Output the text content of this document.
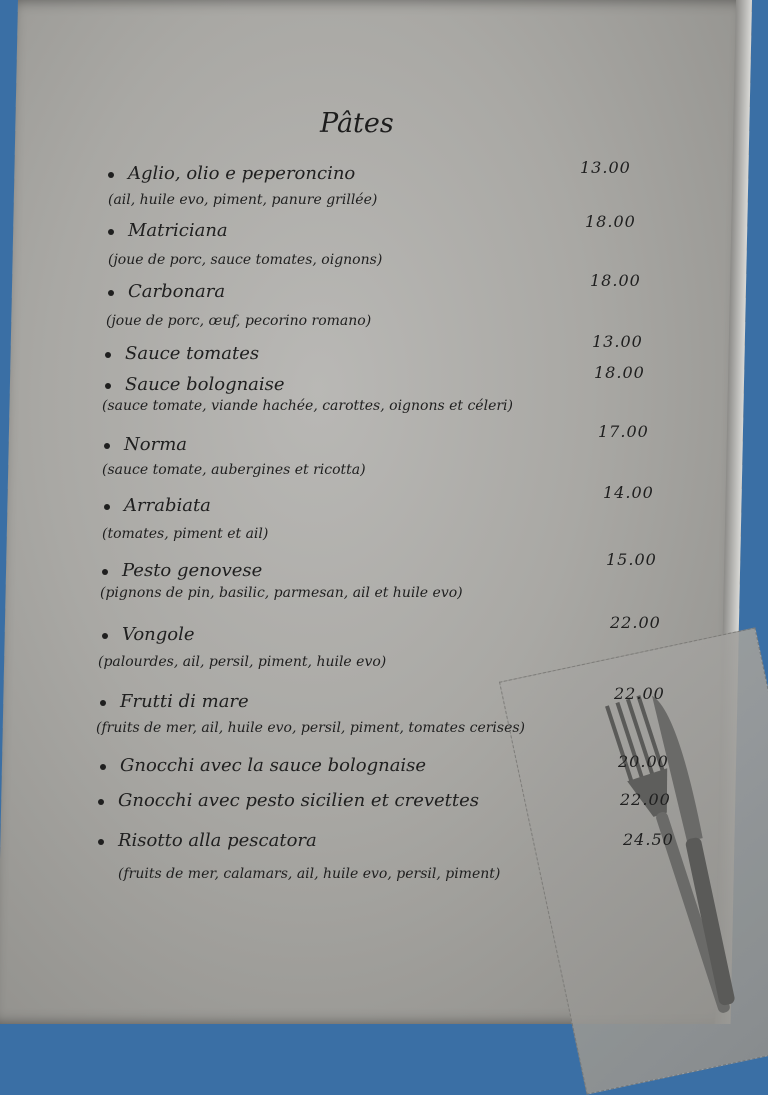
Pâtes
Aglio, olio e peperoncino
(ail, huile evo, piment, panure grillée)
13.00
Matriciana
(joue de porc, sauce tomates, oignons)
18.00
Carbonara
(joue de porc, œuf, pecorino romano)
18.00
Sauce tomates
13.00
Sauce bolognaise
(sauce tomate, viande hachée, carottes, oignons et céleri)
18.00
Norma
(sauce tomate, aubergines et ricotta)
17.00
Arrabiata
(tomates, piment et ail)
14.00
Pesto genovese
(pignons de pin, basilic, parmesan, ail et huile evo)
15.00
Vongole
(palourdes, ail, persil, piment, huile evo)
22.00
Frutti di mare
(fruits de mer, ail, huile evo, persil, piment, tomates cerises)
22.00
Gnocchi avec la sauce bolognaise	20.00
Gnocchi avec pesto sicilien et crevettes	22.00
Risotto alla pescatora
(fruits de mer, calamars, ail, huile evo, persil, piment)
24.50
